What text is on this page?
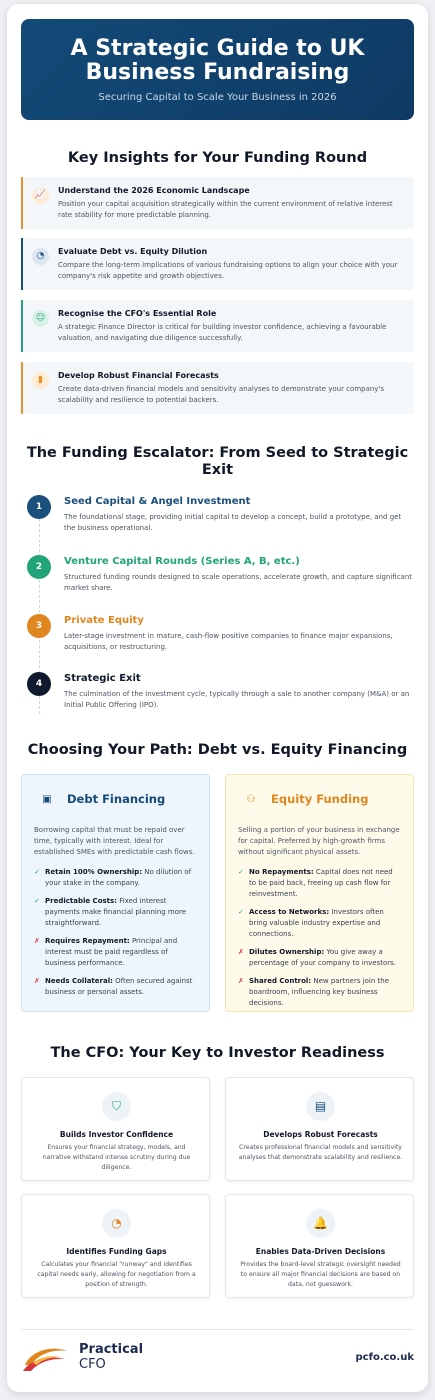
A Strategic Guide to UK
Business Fundraising
Securing Capital to Scale Your Business in 2026
Key Insights for Your Funding Round
📈	Understand the 2026 Economic Landscape
Position your capital acquisition strategically within the current environment of relative interest rate stability for more predictable planning.
◔	Evaluate Debt vs. Equity Dilution
Compare the long-term implications of various fundraising options to align your choice with your company's risk appetite and growth objectives.
☺	Recognise the CFO's Essential Role
A strategic Finance Director is critical for building investor confidence, achieving a favourable valuation, and navigating due diligence successfully.
▮	Develop Robust Financial Forecasts
Create data-driven financial models and sensitivity analyses to demonstrate your company's scalability and resilience to potential backers.
The Funding Escalator: From Seed to Strategic
Exit
1	Seed Capital & Angel Investment
The foundational stage, providing initial capital to develop a concept, build a prototype, and get the business operational.
2	Venture Capital Rounds (Series A, B, etc.)
Structured funding rounds designed to scale operations, accelerate growth, and capture significant market share.
3	Private Equity
Later-stage investment in mature, cash-flow positive companies to finance major expansions, acquisitions, or restructuring.
4	Strategic Exit
The culmination of the investment cycle, typically through a sale to another company (M&A) or an Initial Public Offering (IPO).
Choosing Your Path: Debt vs. Equity Financing
▣ Debt Financing
Borrowing capital that must be repaid over time, typically with interest. Ideal for established SMEs with predictable cash flows.
✓ Retain 100% Ownership: No dilution of your stake in the company.
✓ Predictable Costs: Fixed interest payments make financial planning more straightforward.
✗ Requires Repayment: Principal and interest must be paid regardless of business performance.
✗ Needs Collateral: Often secured against business or personal assets.
⚇ Equity Funding
Selling a portion of your business in exchange for capital. Preferred by high-growth firms without significant physical assets.
✓ No Repayments: Capital does not need to be paid back, freeing up cash flow for reinvestment.
✓ Access to Networks: Investors often bring valuable industry expertise and connections.
✗ Dilutes Ownership: You give away a percentage of your company to investors.
✗ Shared Control: New partners join the boardroom, influencing key business decisions.
The CFO: Your Key to Investor Readiness
⛉
Builds Investor Confidence
Ensures your financial strategy, models, and narrative withstand intense scrutiny during due diligence.
▤
Develops Robust Forecasts
Creates professional financial models and sensitivity analyses that demonstrate scalability and resilience.
◔
Identifies Funding Gaps
Calculates your financial "runway" and identifies capital needs early, allowing for negotiation from a position of strength.
🔔
Enables Data-Driven Decisions
Provides the board-level strategic oversight needed to ensure all major financial decisions are based on data, not guesswork.
Practical
CFO	pcfo.co.uk
